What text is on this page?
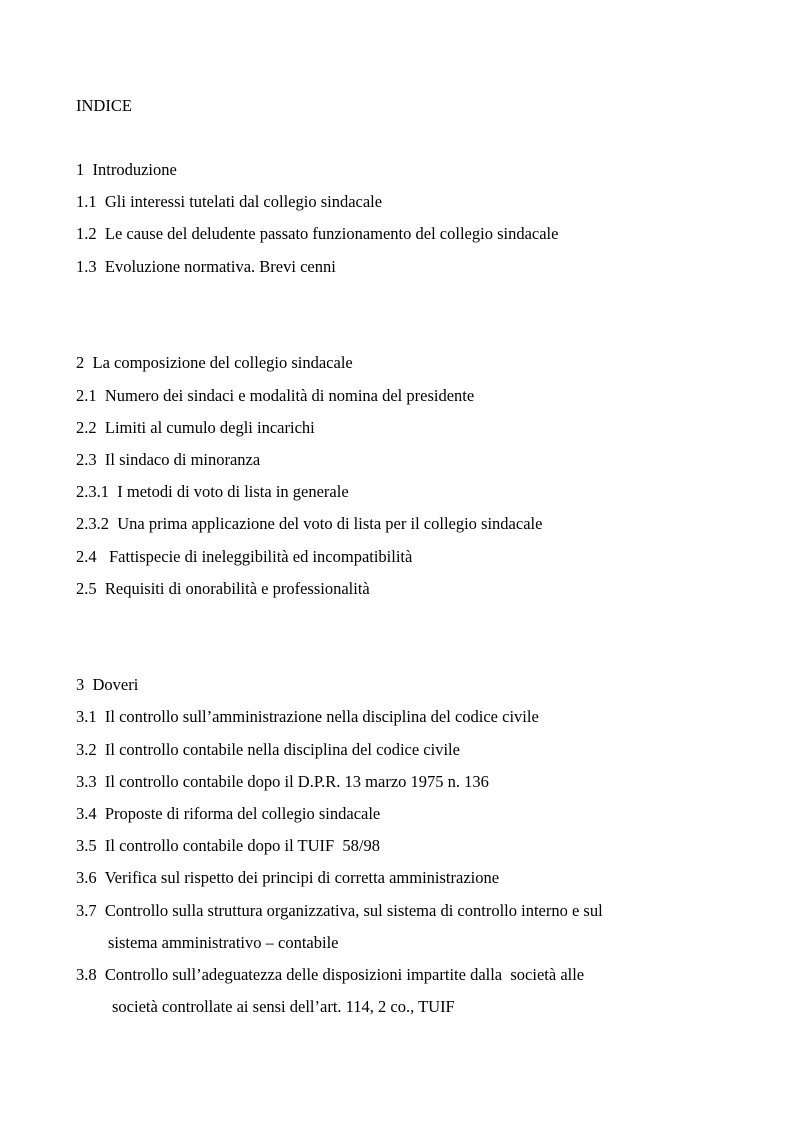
INDICE
1  Introduzione
1.1  Gli interessi tutelati dal collegio sindacale
1.2  Le cause del deludente passato funzionamento del collegio sindacale
1.3  Evoluzione normativa. Brevi cenni
2  La composizione del collegio sindacale
2.1  Numero dei sindaci e modalità di nomina del presidente
2.2  Limiti al cumulo degli incarichi
2.3  Il sindaco di minoranza
2.3.1  I metodi di voto di lista in generale
2.3.2  Una prima applicazione del voto di lista per il collegio sindacale
2.4   Fattispecie di ineleggibilità ed incompatibilità
2.5  Requisiti di onorabilità e professionalità
3  Doveri
3.1  Il controllo sull’amministrazione nella disciplina del codice civile
3.2  Il controllo contabile nella disciplina del codice civile
3.3  Il controllo contabile dopo il D.P.R. 13 marzo 1975 n. 136
3.4  Proposte di riforma del collegio sindacale
3.5  Il controllo contabile dopo il TUIF  58/98
3.6  Verifica sul rispetto dei principi di corretta amministrazione
3.7  Controllo sulla struttura organizzativa, sul sistema di controllo interno e sul
sistema amministrativo – contabile
3.8  Controllo sull’adeguatezza delle disposizioni impartite dalla  società alle
società controllate ai sensi dell’art. 114, 2 co., TUIF
